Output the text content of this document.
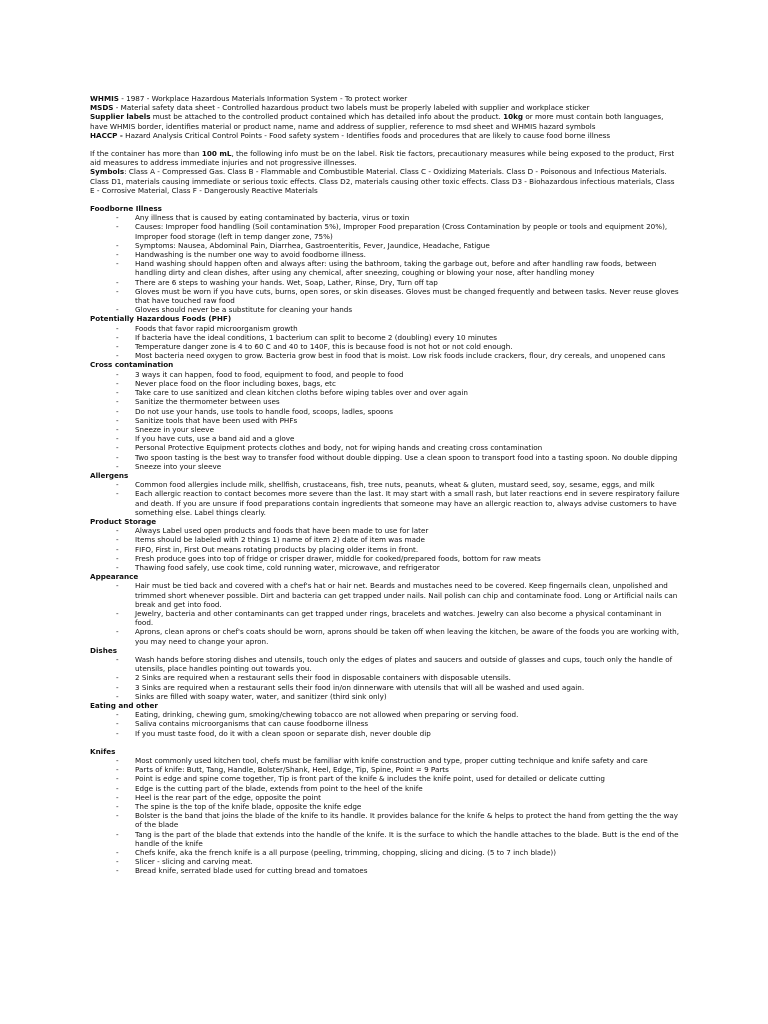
WHMIS - 1987 - Workplace Hazardous Materials Information System - To protect worker

MSDS - Material safety data sheet - Controlled hazardous product two labels must be properly labeled with supplier and workplace sticker

Supplier labels must be attached to the controlled product contained which has detailed info about the product. 10kg or more must contain both languages, have WHMIS border, identifies material or product name, name and address of supplier, reference to msd sheet and WHMIS hazard symbols

HACCP - Hazard Analysis Critical Control Points - Food safety system - Identifies foods and procedures that are likely to cause food borne illness

If the container has more than 100 mL, the following info must be on the label. Risk tie factors, precautionary measures while being exposed to the product, First aid measures to address immediate injuries and not progressive illnesses.

Symbols: Class A - Compressed Gas. Class B - Flammable and Combustible Material. Class C - Oxidizing Materials. Class D - Poisonous and Infectious Materials. Class D1, materials causing immediate or serious toxic effects. Class D2, materials causing other toxic effects. Class D3 - Biohazardous infectious materials, Class E - Corrosive Material, Class F - Dangerously Reactive Materials

Foodborne Illness

- Any illness that is caused by eating contaminated by bacteria, virus or toxin
- Causes: Improper food handling (Soil contamination 5%), Improper Food preparation (Cross Contamination by people or tools and equipment 20%), Improper food storage (left in temp danger zone, 75%)
- Symptoms: Nausea, Abdominal Pain, Diarrhea, Gastroenteritis, Fever, Jaundice, Headache, Fatigue
- Handwashing is the number one way to avoid foodborne illness.
- Hand washing should happen often and always after: using the bathroom, taking the garbage out, before and after handling raw foods, between handling dirty and clean dishes, after using any chemical, after sneezing, coughing or blowing your nose, after handling money
- There are 6 steps to washing your hands. Wet, Soap, Lather, Rinse, Dry, Turn off tap
- Gloves must be worn if you have cuts, burns, open sores, or skin diseases. Gloves must be changed frequently and between tasks. Never reuse gloves that have touched raw food
- Gloves should never be a substitute for cleaning your hands

Potentially Hazardous Foods (PHF)

- Foods that favor rapid microorganism growth
- If bacteria have the ideal conditions, 1 bacterium can split to become 2 (doubling) every 10 minutes
- Temperature danger zone is 4 to 60 C and 40 to 140F, this is because food is not hot or not cold enough.
- Most bacteria need oxygen to grow. Bacteria grow best in food that is moist. Low risk foods include crackers, flour, dry cereals, and unopened cans

Cross contamination

- 3 ways it can happen, food to food, equipment to food, and people to food
- Never place food on the floor including boxes, bags, etc
- Take care to use sanitized and clean kitchen cloths before wiping tables over and over again
- Sanitize the thermometer between uses
- Do not use your hands, use tools to handle food, scoops, ladles, spoons
- Sanitize tools that have been used with PHFs
- Sneeze in your sleeve
- If you have cuts, use a band aid and a glove
- Personal Protective Equipment protects clothes and body, not for wiping hands and creating cross contamination
- Two spoon tasting is the best way to transfer food without double dipping. Use a clean spoon to transport food into a tasting spoon. No double dipping
- Sneeze into your sleeve

Allergens

- Common food allergies include milk, shellfish, crustaceans, fish, tree nuts, peanuts, wheat & gluten, mustard seed, soy, sesame, eggs, and milk
- Each allergic reaction to contact becomes more severe than the last. It may start with a small rash, but later reactions end in severe respiratory failure and death. If you are unsure if food preparations contain ingredients that someone may have an allergic reaction to, always advise customers to have something else. Label things clearly.

Product Storage

- Always Label used open products and foods that have been made to use for later
- Items should be labeled with 2 things 1) name of item 2) date of item was made
- FIFO, First in, First Out means rotating products by placing older items in front.
- Fresh produce goes into top of fridge or crisper drawer, middle for cooked/prepared foods, bottom for raw meats
- Thawing food safely, use cook time, cold running water, microwave, and refrigerator

Appearance

- Hair must be tied back and covered with a chef's hat or hair net. Beards and mustaches need to be covered. Keep fingernails clean, unpolished and trimmed short whenever possible. Dirt and bacteria can get trapped under nails. Nail polish can chip and contaminate food. Long or Artificial nails can break and get into food.
- Jewelry, bacteria and other contaminants can get trapped under rings, bracelets and watches. Jewelry can also become a physical contaminant in food.
- Aprons, clean aprons or chef's coats should be worn, aprons should be taken off when leaving the kitchen, be aware of the foods you are working with, you may need to change your apron.

Dishes

- Wash hands before storing dishes and utensils, touch only the edges of plates and saucers and outside of glasses and cups, touch only the handle of utensils, place handles pointing out towards you.
- 2 Sinks are required when a restaurant sells their food in disposable containers with disposable utensils.
- 3 Sinks are required when a restaurant sells their food in/on dinnerware with utensils that will all be washed and used again.
- Sinks are filled with soapy water, water, and sanitizer (third sink only)

Eating and other

- Eating, drinking, chewing gum, smoking/chewing tobacco are not allowed when preparing or serving food.
- Saliva contains microorganisms that can cause foodborne illness
- If you must taste food, do it with a clean spoon or separate dish, never double dip

Knifes

- Most commonly used kitchen tool, chefs must be familiar with knife construction and type, proper cutting technique and knife safety and care
- Parts of knife: Butt, Tang, Handle, Bolster/Shank, Heel, Edge, Tip, Spine, Point = 9 Parts
- Point is edge and spine come together, Tip is front part of the knife & includes the knife point, used for detailed or delicate cutting
- Edge is the cutting part of the blade, extends from point to the heel of the knife
- Heel is the rear part of the edge, opposite the point
- The spine is the top of the knife blade, opposite the knife edge
- Bolster is the band that joins the blade of the knife to its handle. It provides balance for the knife & helps to protect the hand from getting the the way of the blade
- Tang is the part of the blade that extends into the handle of the knife. It is the surface to which the handle attaches to the blade. Butt is the end of the handle of the knife
- Chefs knife, aka the french knife is a all purpose (peeling, trimming, chopping, slicing and dicing. (5 to 7 inch blade))
- Slicer - slicing and carving meat.
- Bread knife, serrated blade used for cutting bread and tomatoes
